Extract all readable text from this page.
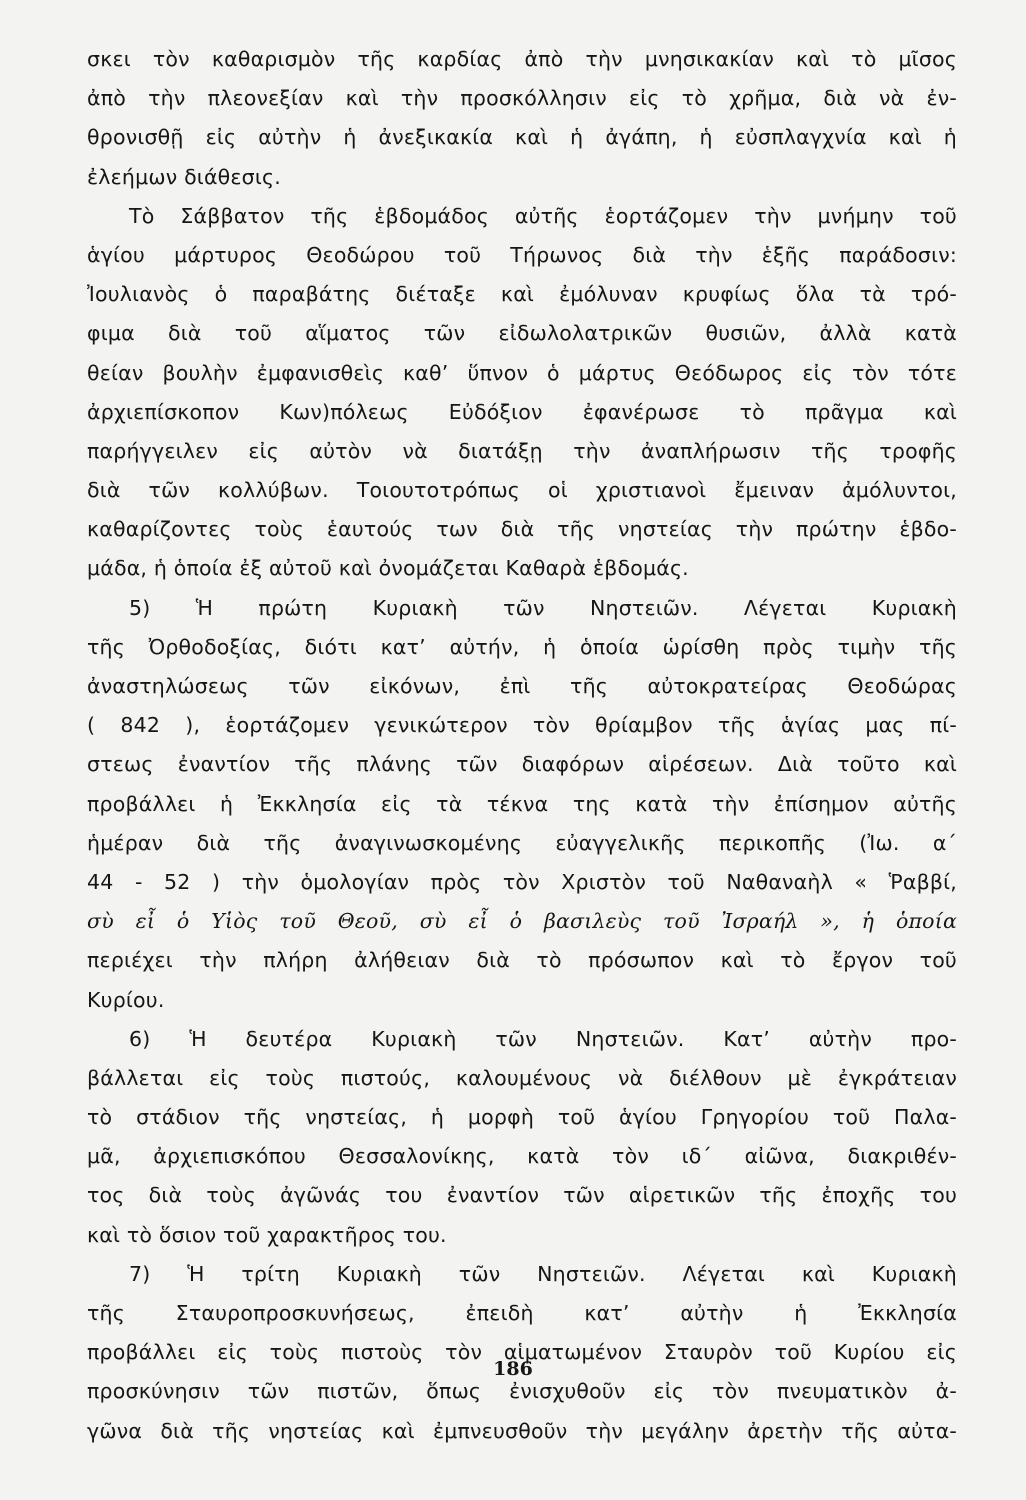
σκει τὸν καθαρισμὸν τῆς καρδίας ἀπὸ τὴν μνησικακίαν καὶ τὸ μῖσος
ἀπὸ τὴν πλεονεξίαν καὶ τὴν προσκόλλησιν εἰς τὸ χρῆμα, διὰ νὰ ἐν-
θρονισθῇ εἰς αὐτὴν ἡ ἀνεξικακία καὶ ἡ ἀγάπη, ἡ εὐσπλαγχνία καὶ ἡ
ἐλεήμων διάθεσις.
Τὸ Σάββατον τῆς ἑβδομάδος αὐτῆς ἑορτάζομεν τὴν μνήμην τοῦ
ἁγίου μάρτυρος Θεοδώρου τοῦ Τήρωνος διὰ τὴν ἑξῆς παράδοσιν:
Ἰουλιανὸς ὁ παραβάτης διέταξε καὶ ἐμόλυναν κρυφίως ὅλα τὰ τρό-
φιμα διὰ τοῦ αἵματος τῶν εἰδωλολατρικῶν θυσιῶν, ἀλλὰ κατὰ
θείαν βουλὴν ἐμφανισθεὶς καθ’ ὕπνον ὁ μάρτυς Θεόδωρος εἰς τὸν τότε
ἀρχιεπίσκοπον Κων)πόλεως Εὐδόξιον ἐφανέρωσε τὸ πρᾶγμα καὶ
παρήγγειλεν εἰς αὐτὸν νὰ διατάξῃ τὴν ἀναπλήρωσιν τῆς τροφῆς
διὰ τῶν κολλύβων. Τοιουτοτρόπως οἱ χριστιανοὶ ἔμειναν ἀμόλυντοι,
καθαρίζοντες τοὺς ἑαυτούς των διὰ τῆς νηστείας τὴν πρώτην ἑβδο-
μάδα, ἡ ὁποία ἐξ αὐτοῦ καὶ ὀνομάζεται Καθαρὰ ἑβδομάς.
5) Ἡ πρώτη Κυριακὴ τῶν Νηστειῶν. Λέγεται Κυριακὴ
τῆς Ὀρθοδοξίας, διότι κατ’ αὐτήν, ἡ ὁποία ὡρίσθη πρὸς τιμὴν τῆς
ἀναστηλώσεως τῶν εἰκόνων, ἐπὶ τῆς αὐτοκρατείρας Θεοδώρας
( 842 ), ἑορτάζομεν γενικώτερον τὸν θρίαμβον τῆς ἁγίας μας πί-
στεως ἐναντίον τῆς πλάνης τῶν διαφόρων αἱρέσεων. Διὰ τοῦτο καὶ
προβάλλει ἡ Ἐκκλησία εἰς τὰ τέκνα της κατὰ τὴν ἐπίσημον αὐτῆς
ἡμέραν διὰ τῆς ἀναγινωσκομένης εὐαγγελικῆς περικοπῆς (Ἰω. α΄
44 - 52 ) τὴν ὁμολογίαν πρὸς τὸν Χριστὸν τοῦ Ναθαναὴλ « Ῥαββί,
σὺ εἶ ὁ Υἱὸς τοῦ Θεοῦ, σὺ εἶ ὁ βασιλεὺς τοῦ Ἰσραήλ », ἡ ὁποία
περιέχει τὴν πλήρη ἀλήθειαν διὰ τὸ πρόσωπον καὶ τὸ ἔργον τοῦ
Κυρίου.
6) Ἡ δευτέρα Κυριακὴ τῶν Νηστειῶν. Κατ’ αὐτὴν προ-
βάλλεται εἰς τοὺς πιστούς, καλουμένους νὰ διέλθουν μὲ ἐγκράτειαν
τὸ στάδιον τῆς νηστείας, ἡ μορφὴ τοῦ ἁγίου Γρηγορίου τοῦ Παλα-
μᾶ, ἀρχιεπισκόπου Θεσσαλονίκης, κατὰ τὸν ιδ΄ αἰῶνα, διακριθέν-
τος διὰ τοὺς ἀγῶνάς του ἐναντίον τῶν αἱρετικῶν τῆς ἐποχῆς του
καὶ τὸ ὅσιον τοῦ χαρακτῆρος του.
7) Ἡ τρίτη Κυριακὴ τῶν Νηστειῶν. Λέγεται καὶ Κυριακὴ
τῆς Σταυροπροσκυνήσεως, ἐπειδὴ κατ’ αὐτὴν ἡ Ἐκκλησία
προβάλλει εἰς τοὺς πιστοὺς τὸν αἱματωμένον Σταυρὸν τοῦ Κυρίου εἰς
προσκύνησιν τῶν πιστῶν, ὅπως ἐνισχυθοῦν εἰς τὸν πνευματικὸν ἀ-
γῶνα διὰ τῆς νηστείας καὶ ἐμπνευσθοῦν τὴν μεγάλην ἀρετὴν τῆς αὐτα-
186
